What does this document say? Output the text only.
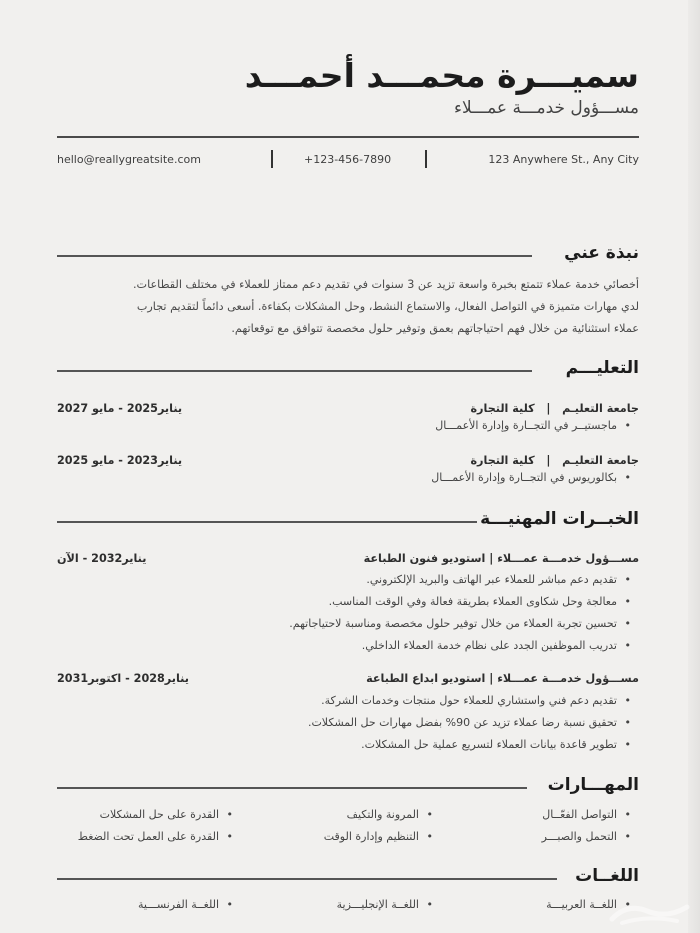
سميـــرة محمـــد أحمـــد
مســـؤول خدمـــة عمـــلاء
hello@reallygreatsite.com	+123-456-7890	123 Anywhere St., Any City
نبذة عني
أخصائي خدمة عملاء تتمتع بخبرة واسعة تزيد عن 3 سنوات في تقديم دعم ممتاز للعملاء في مختلف القطاعات.
لدي مهارات متميزة في التواصل الفعال، والاستماع النشط، وحل المشكلات بكفاءة. أسعى دائماً لتقديم تجارب
عملاء استثنائية من خلال فهم احتياجاتهم بعمق وتوفير حلول مخصصة تتوافق مع توقعاتهم.
التعليـــم
جامعة التعليـم   |   كلية التجارة
يناير2025 - مايو 2027
• ماجستيــر في التجــارة وإدارة الأعمـــال
جامعة التعليـم   |   كلية التجارة
يناير2023 - مايو 2025
• بكالوريوس في التجــارة وإدارة الأعمـــال
الخبــرات المهنيـــة
مســـؤول خدمـــة عمـــلاء | استوديو فنون الطباعة
يناير2032 - الآن
• تقديم دعم مباشر للعملاء عبر الهاتف والبريد الإلكتروني.
• معالجة وحل شكاوى العملاء بطريقة فعالة وفي الوقت المناسب.
• تحسين تجربة العملاء من خلال توفير حلول مخصصة ومناسبة لاحتياجاتهم.
• تدريب الموظفين الجدد على نظام خدمة العملاء الداخلي.
مســـؤول خدمـــة عمـــلاء | استوديو ابداع الطباعة
يناير2028 - اكتوبر2031
• تقديم دعم فني واستشاري للعملاء حول منتجات وخدمات الشركة.
• تحقيق نسبة رضا عملاء تزيد عن 90% بفضل مهارات حل المشكلات.
• تطوير قاعدة بيانات العملاء لتسريع عملية حل المشكلات.
المهـــارات
• التواصل الفعّــال
• المرونة والتكيف
• القدرة على حل المشكلات
• التحمل والصبـــر
• التنظيم وإدارة الوقت
• القدرة على العمل تحت الضغط
اللغــات
• اللغــة العربيـــة
• اللغــة الإنجليـــزية
• اللغــة الفرنســـية
